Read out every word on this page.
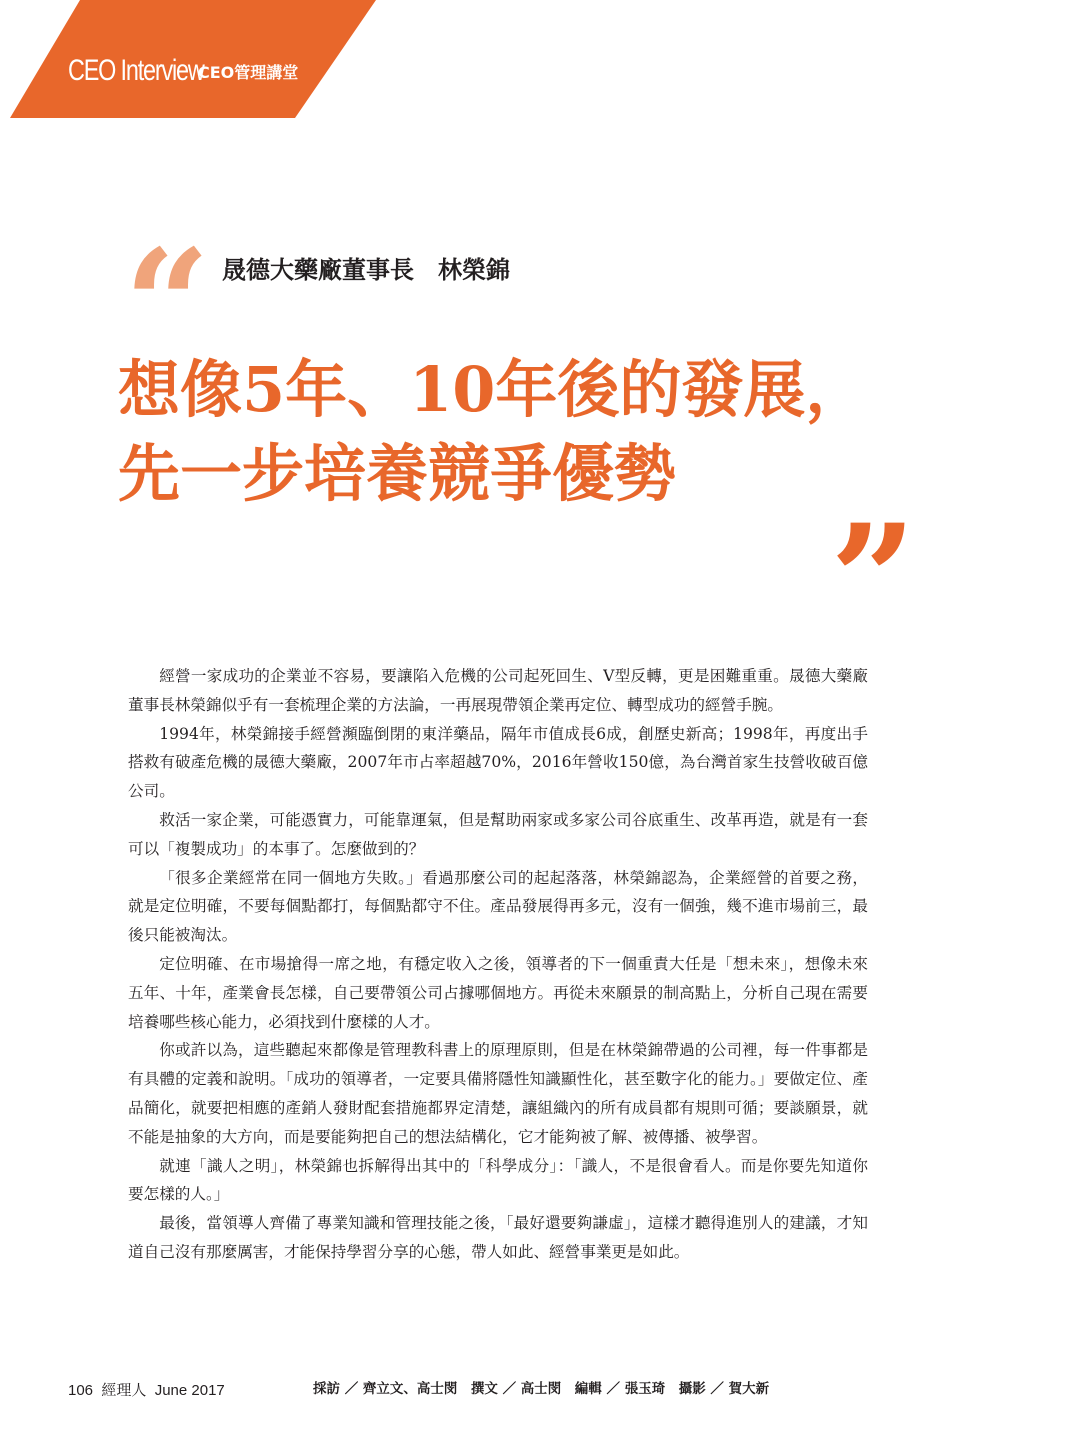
CEO Interview
CEO管理講堂
“ 晟德大藥廠董事長　林榮錦
想像5年、10年後的發展，
先一步培養競爭優勢
”

經營一家成功的企業並不容易，要讓陷入危機的公司起死回生、V型反轉，更是困難重重。晟德大藥廠董事長林榮錦似乎有一套梳理企業的方法論，一再展現帶領企業再定位、轉型成功的經營手腕。

1994年，林榮錦接手經營瀕臨倒閉的東洋藥品，隔年市值成長6成，創歷史新高；1998年，再度出手搭救有破產危機的晟德大藥廠，2007年市占率超越70%，2016年營收150億，為台灣首家生技營收破百億公司。

救活一家企業，可能憑實力，可能靠運氣，但是幫助兩家或多家公司谷底重生、改革再造，就是有一套可以「複製成功」的本事了。怎麼做到的？

「很多企業經常在同一個地方失敗。」看過那麼公司的起起落落，林榮錦認為，企業經營的首要之務，就是定位明確，不要每個點都打，每個點都守不住。產品發展得再多元，沒有一個強，幾不進市場前三，最後只能被淘汰。

定位明確、在市場搶得一席之地，有穩定收入之後，領導者的下一個重責大任是「想未來」，想像未來五年、十年，產業會長怎樣，自己要帶領公司占據哪個地方。再從未來願景的制高點上，分析自己現在需要培養哪些核心能力，必須找到什麼樣的人才。

你或許以為，這些聽起來都像是管理教科書上的原理原則，但是在林榮錦帶過的公司裡，每一件事都是有具體的定義和說明。「成功的領導者，一定要具備將隱性知識顯性化，甚至數字化的能力。」要做定位、產品簡化，就要把相應的產銷人發財配套措施都界定清楚，讓組織內的所有成員都有規則可循；要談願景，就不能是抽象的大方向，而是要能夠把自己的想法結構化，它才能夠被了解、被傳播、被學習。

就連「識人之明」，林榮錦也拆解得出其中的「科學成分」：「識人，不是很會看人。而是你要先知道你要怎樣的人。」

最後，當領導人齊備了專業知識和管理技能之後，「最好還要夠謙虛」，這樣才聽得進別人的建議，才知道自己沒有那麼厲害，才能保持學習分享的心態，帶人如此、經營事業更是如此。

106  經理人  June 2017	採訪 ／ 齊立文、高士閔　撰文 ／ 高士閔　編輯 ／ 張玉琦　攝影 ／ 賀大新
